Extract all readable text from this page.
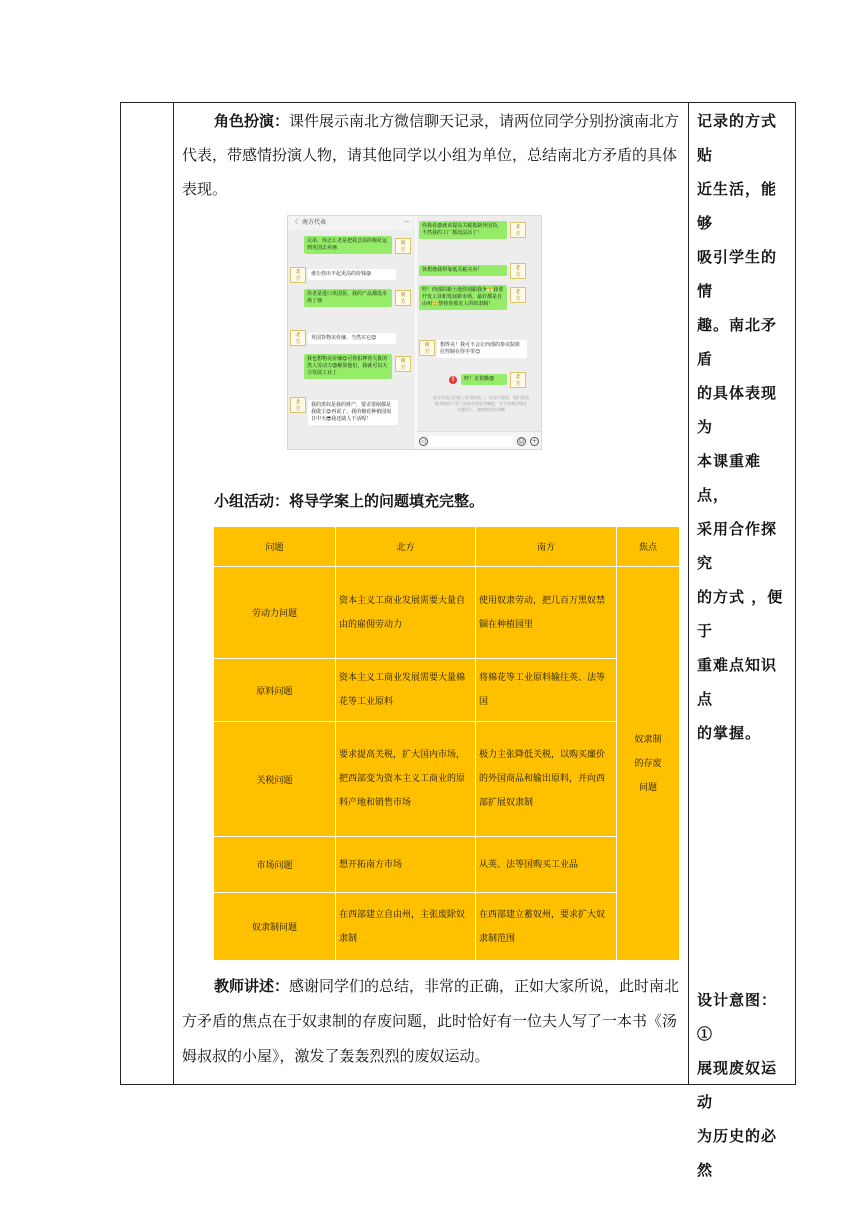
角色扮演：课件展示南北方微信聊天记录，请两位同学分别扮演南北方
代表，带感情扮演人物，请其他同学以小组为单位，总结南北方矛盾的具体
表现。
〈 南方代表	···
兄弟，你怎么老是把我急需的棉花运到英国去卖😒
南
方
北
方
谁让你出不起更高的价钱😜
你老是进口英国货，我的产品都没市场了😢
南
方
北
方
英国货物美价廉，当然买它😊
我也想物美价廉😊可你扣押着大批的黑人劳动力😡解放他们，我就可以大力发展工业了
南
方
北
方
我的黑奴是我的财产，要杀要剐都是我做主😊再说了，我的棉花种植园如日中天😎我还缺人干活呢！
你我看😡就该提高关税抵制外国货，不然我的工厂都没法活了！
北
方
休想😠我得靠低关税买卖！	北
方
哼！西部的新土地你别跟我争😤我要开发工业和发展新市场，最好都是自由州🙂禁掉你那害人的奴隶制！
北
方
南
方
想得美！我可不会让西部的参议院席位控制在你手里😏
!	哼！走着瞧😡	北
方
南方代表已拒绝了联邦的统一，但也不愿意，他们希望
联邦政府不会干涉南方的奴隶制度，才不会被边缘化
才能留下，做接续的奴隶制
◁	☺	+
小组活动：将导学案上的问题填充完整。
问题	北方	南方	焦点
劳动力问题	资本主义工商业发展需要大量自由的雇佣劳动力	使用奴隶劳动，把几百万黑奴禁锢在种植园里	奴隶制的存废问题
原料问题	资本主义工商业发展需要大量棉花等工业原料	将棉花等工业原料输往英、法等国	
关税问题	要求提高关税，扩大国内市场，把西部变为资本主义工商业的原料产地和销售市场	极力主张降低关税，以购买廉价的外国商品和输出原料，并向西部扩展奴隶制	
市场问题	想开拓南方市场	从英、法等国购买工业品	
奴隶制问题	在西部建立自由州，主张废除奴隶制	在西部建立蓄奴州，要求扩大奴隶制范围	
教师讲述：感谢同学们的总结，非常的正确，正如大家所说，此时南北
方矛盾的焦点在于奴隶制的存废问题，此时恰好有一位夫人写了一本书《汤
姆叔叔的小屋》，激发了轰轰烈烈的废奴运动。
记录的方式贴
近生活，能够
吸引学生的情
趣。南北矛盾
的具体表现为
本课重难点，
采用合作探究
的方式 ，便于
重难点知识点
的掌握。
设计意图：①
展现废奴运动
为历史的必然
